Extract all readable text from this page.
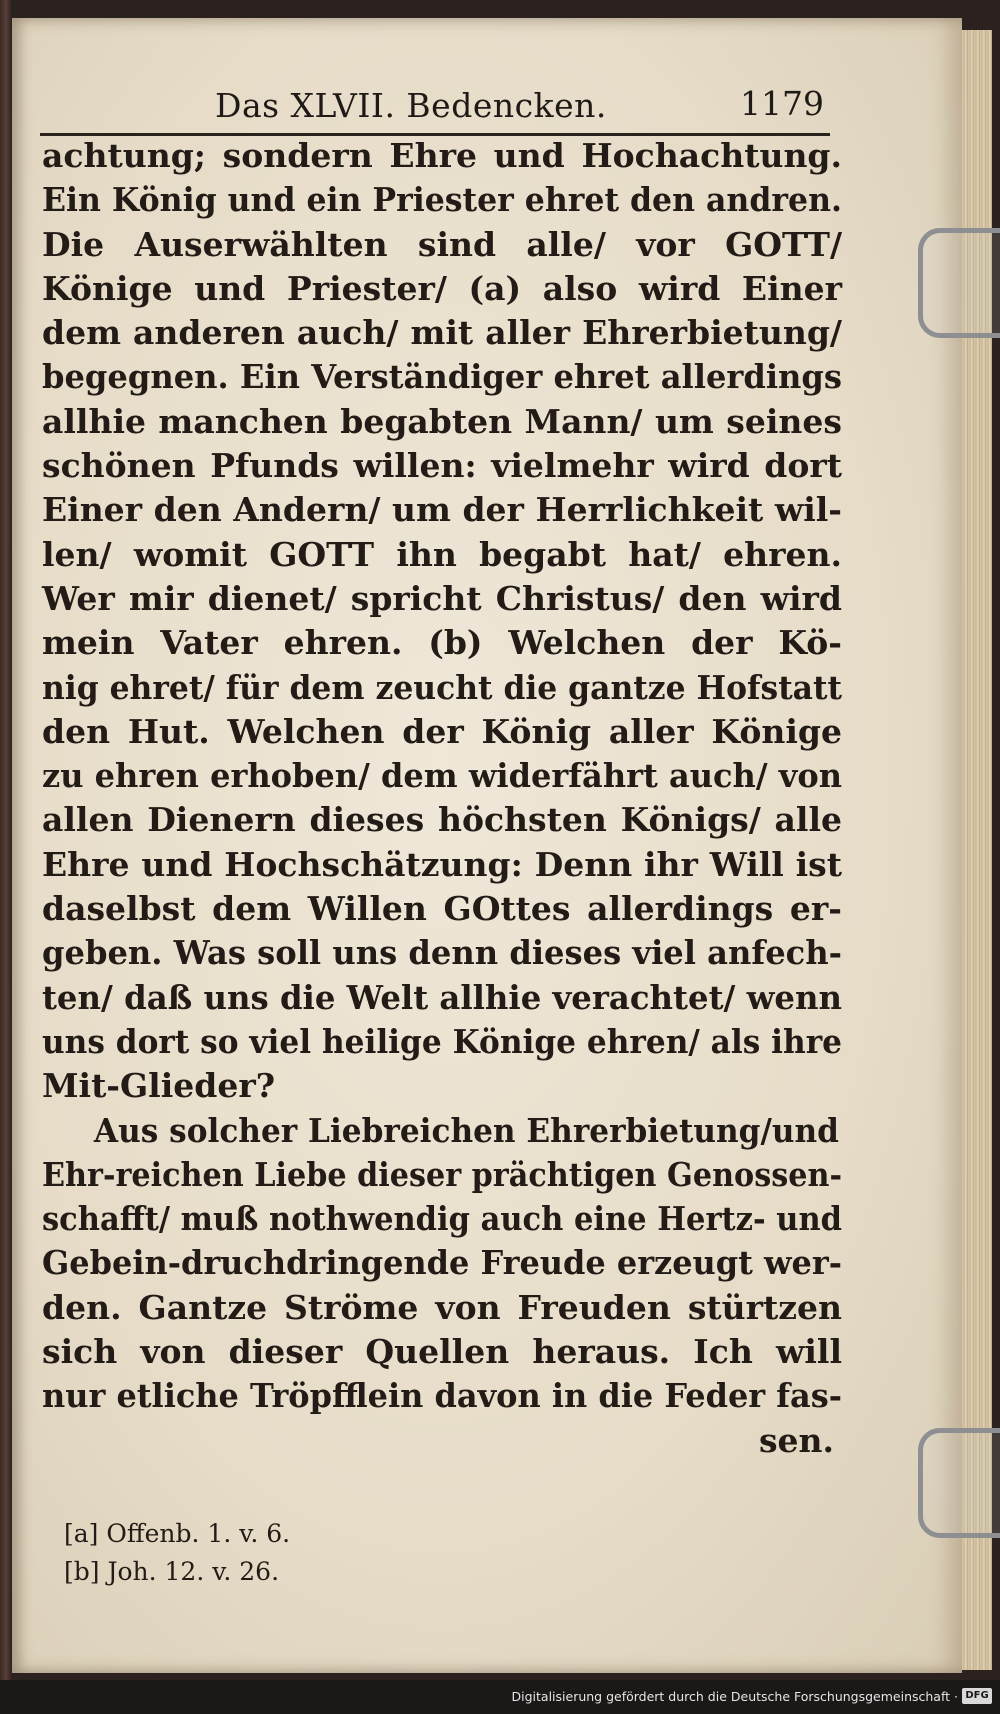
Das XLVII. Bedencken.	1179
achtung; sondern Ehre und Hochachtung.
Ein König und ein Priester ehret den andren.
Die Auserwählten sind alle/ vor GOTT/
Könige und Priester/ (a) also wird Einer
dem anderen auch/ mit aller Ehrerbietung/
begegnen. Ein Verständiger ehret allerdings
allhie manchen begabten Mann/ um seines
schönen Pfunds willen: vielmehr wird dort
Einer den Andern/ um der Herrlichkeit wil-
len/ womit GOTT ihn begabt hat/ ehren.
Wer mir dienet/ spricht Christus/ den wird
mein Vater ehren. (b) Welchen der Kö-
nig ehret/ für dem zeucht die gantze Hofstatt
den Hut. Welchen der König aller Könige
zu ehren erhoben/ dem widerfährt auch/ von
allen Dienern dieses höchsten Königs/ alle
Ehre und Hochschätzung: Denn ihr Will ist
daselbst dem Willen GOttes allerdings er-
geben. Was soll uns denn dieses viel anfech-
ten/ daß uns die Welt allhie verachtet/ wenn
uns dort so viel heilige Könige ehren/ als ihre
Mit-Glieder?
Aus solcher Liebreichen Ehrerbietung/und
Ehr-reichen Liebe dieser prächtigen Genossen-
schafft/ muß nothwendig auch eine Hertz- und
Gebein-druchdringende Freude erzeugt wer-
den. Gantze Ströme von Freuden stürtzen
sich von dieser Quellen heraus. Ich will
nur etliche Tröpfflein davon in die Feder fas-
sen.
[a] Offenb. 1. v. 6.
[b] Joh. 12. v. 26.
Digitalisierung gefördert durch die Deutsche Forschungsgemeinschaft · DFG
